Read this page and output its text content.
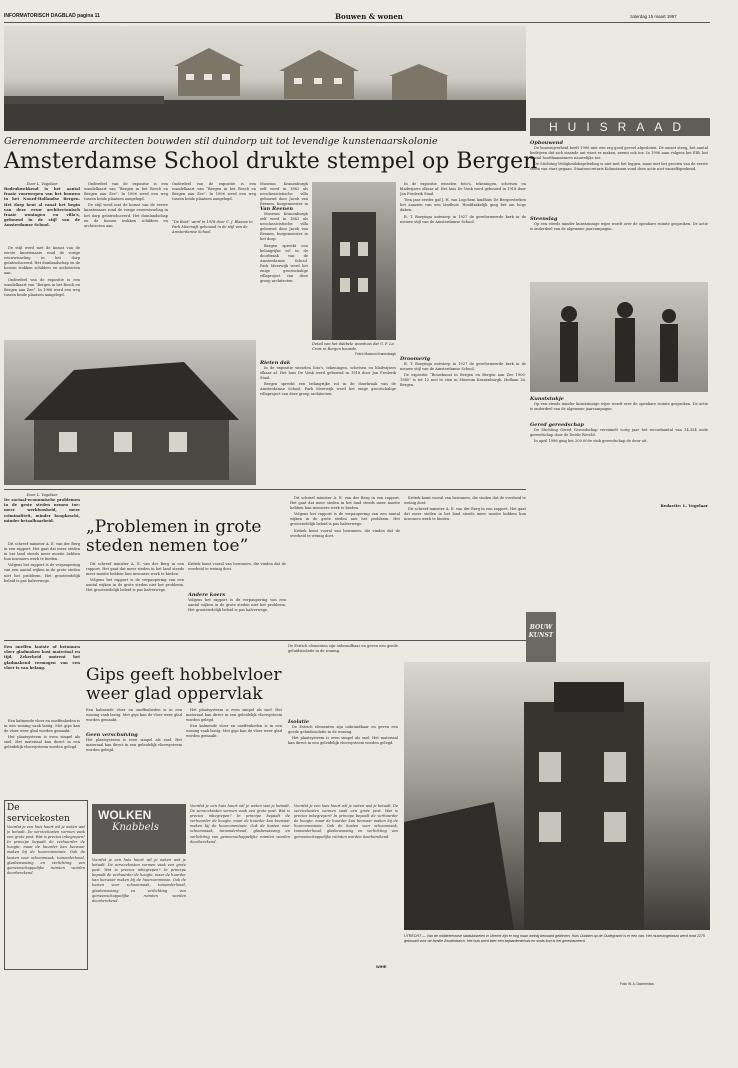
INFORMATORISCH DAGBLAD pagina 11	Bouwen & wonen	zaterdag 15 maart 1997
HUISRAAD
Opbouwend

De bouwnijverheid heeft 1996 niet een erg goed gevoel afgesloten. De omzet steeg, het aantal bedrijven dat zich staande ont wiert er maken, neemt ook toe. In 1996 nam volgens het EIB, het aantal hoofdaannemers nauwelijks toe.

De Stichting Veiligheidsbegeleiding is niet met het leggen, maar met het groeien van de eerste steen van start gegaan. Staatssecretaris Kohnstamm vond deze actie niet vanzelfsprekend.

Steenslag

Op een steeds minder kunstzinnige wijze wordt over de openbare ruimte gesproken. De actie is onderdeel van de algemene jaarcampagne.

Kunststukje

Op een steeds minder kunstzinnige wijze wordt over de openbare ruimte gesproken. De actie is onderdeel van de algemene jaarcampagne.

Gered gereedschap

De Stichting Gered Gereedschap verzamelt vorig jaar het recordaantal van 34.354 oude gereedschap door de Derde Wereld.

In april 1996 ging het 200.000e stuk gereedschap de deur uit.

Redactie: L. Vogelaar
Gerenommeerde architecten bouwden stil duindorp uit tot levendige kunstenaarskolonie
Amsterdamse School drukte stempel op Bergen
Door L. Vogelaar
Bodrukwekkend is het aantal fraaie voorwerpen van het bouwen in het Noord-Hollandse Bergen. Het dorp kent al vanaf het begin van deze eeuw architectonisch fraaie woningen en villa's, gebouwd in de stijl van de Amsterdamse School.

De stijl werd met de komst van de eerste kunstenaars rond de vorige eeuwwisseling in het dorp geïntroduceerd. Het duinlandschap en de bossen trokken schilders en architecten aan.

Onderdeel van de expositie is een wandelkaart van “Bergen in het Bosch en Bergen aan Zee”. In 1906 werd een weg tussen beide plaatsen aangelegd.

Onderdeel van de expositie is een wandelkaart van “Bergen in het Bosch en Bergen aan Zee”. In 1906 werd een weg tussen beide plaatsen aangelegd.

De stijl werd met de komst van de eerste kunstenaars rond de vorige eeuwwisseling in het dorp geïntroduceerd. Het duinlandschap en de bossen trokken schilders en architecten aan.

Onderdeel van de expositie is een wandelkaart van “Bergen in het Bosch en Bergen aan Zee”. In 1906 werd een weg tussen beide plaatsen aangelegd.
“De Boet” werd in 1918 door C. J. Blaauw in Park Meerwijk gebouwd in de stijl van de Amsterdamse School.
Museum Kranenburgh zelf werd in 1882 als neoclassicistische villa gebouwd door Jacob van Reenen, burgemeester in
Van Reenen

Museum Kranenburgh zelf werd in 1882 als neoclassicistische villa gebouwd door Jacob van Reenen, burgemeester in het dorp.

Bergen spreekt een belangrijke rol in de doorbraak van de Amsterdamse School. Park Meerwijk werd het enige grootschalige villaproject van deze groep architecten.

Detail van het dubbele woonhuis dat G. F. La Croix in Bergen bouwde.
Foto's Museum Kranenburgh

In de expositie wisselen foto's, tekeningen, schetsen en bladwijzers elkaar af. Het huis De Vonk werd gebouwd in 1918 door Jan Frederik Staal.

Tien jaar eerder gaf J. H. van Logchem landhuis De Bergerstreken het aanzien van een landhuis. Hoofdzakelijk ging het om hoge daken.

B. T. Boeyinga ontwierp in 1927 de gereformeerde kerk in de nieuwe stijl van de Amsterdamse School.

Rieten dak

In de expositie wisselen foto's, tekeningen, schetsen en bladwijzers elkaar af. Het huis De Vonk werd gebouwd in 1918 door Jan Frederik Staal.

Bergen spreekt een belangrijke rol in de doorbraak van de Amsterdamse School. Park Meerwijk werd het enige grootschalige villaproject van deze groep architecten.

Droomerig

B. T. Boeyinga ontwierp in 1927 de gereformeerde kerk in de nieuwe stijl van de Amsterdamse School.

De expositie “Bouwkunst in Bergen en Bergen aan Zee 1900-1940” is tot 12 mei te zien in Museum Kranenburgh, Hoflaan 26, Bergen.

Door L. Vogelaar
De sociaal-economische problemen in de grote steden nemen toe: meer werkloosheid, meer criminaliteit, minder koopkracht, minder betaalbaarheid.

Dit schreef minister A. E. van der Berg in een rapport. Het gaat dat meer steden in het land steeds meer moeite hebben hun inwoners werk te bieden.

Volgens het rapport is de verpaupering van een aantal wijken in de grote steden niet het probleem. Het grootstedelijk beleid is pas halverwege.

„Problemen in grote steden nemen toe”

Dit schreef minister A. E. van der Berg in een rapport. Het gaat dat meer steden in het land steeds meer moeite hebben hun inwoners werk te bieden.

Volgens het rapport is de verpaupering van een aantal wijken in de grote steden niet het probleem. Het grootstedelijk beleid is pas halverwege.

Kritiek komt vooral van bewoners, die vinden dat de overheid te weinig doet.
Andere koers
Volgens het rapport is de verpaupering van een aantal wijken in de grote steden niet het probleem. Het grootstedelijk beleid is pas halverwege.

Dit schreef minister A. E. van der Berg in een rapport. Het gaat dat meer steden in het land steeds meer moeite hebben hun inwoners werk te bieden.

Volgens het rapport is de verpaupering van een aantal wijken in de grote steden niet het probleem. Het grootstedelijk beleid is pas halverwege.

Kritiek komt vooral van bewoners, die vinden dat de overheid te weinig doet.

Kritiek komt vooral van bewoners, die vinden dat de overheid te weinig doet.

Dit schreef minister A. E. van der Berg in een rapport. Het gaat dat meer steden in het land steeds meer moeite hebben hun inwoners werk te bieden.

Een oneffen laatste of betonnen vloer gladmaken kost materiaal en tijd. Zekerheid omtrent het gladmakend vermogen van een vloer is van belang.

Een kalmende vloer en oneffenheden is in een woning vaak lastig. Met gips kan de vloer weer glad worden gemaakt.

Het plaatsysteem is even simpel als snel. Het materiaal kan direct in een geleidelijk vloersysteem worden gelegd.

Gips geeft hobbelvloer weer glad oppervlak
Een kalmende vloer en oneffenheden is in een woning vaak lastig. Met gips kan de vloer weer glad worden gemaakt.
Geen verschuiving
Het plaatsysteem is even simpel als snel. Het materiaal kan direct in een geleidelijk vloersysteem worden gelegd.

Het plaatsysteem is even simpel als snel. Het materiaal kan direct in een geleidelijk vloersysteem worden gelegd.

Een kalmende vloer en oneffenheden is in een woning vaak lastig. Met gips kan de vloer weer glad worden gemaakt.

De Estrich elementen zijn onbrandbaar en geven een goede geluidsisolatie in de woning.
Isolatie

De Estrich elementen zijn onbrandbaar en geven een goede geluidsisolatie in de woning.

Het plaatsysteem is even simpel als snel. Het materiaal kan direct in een geleidelijk vloersysteem worden gelegd.

BOUW KUNST
UTRECHT — Van de middeleeuwse stadskastelen in Utrecht zijn er nog maar weinig bewaard gebleven. Huis Oudaen op de Oudegracht is er een van. Het museumgebouw werd rond 1275 gebouwd voor de familie Zoudenbalch. Het huis werd later een bejaardentehuis en sinds kort is het gerestaureerd.
Foto: W. A. Doornenbos
De servicekosten
Voordat je een huis huurt wil je weten wat je betaalt. De servicekosten vormen vaak een grote post. Wat is precies inbegrepen? In principe bepaalt de verhuurder de hoogte, maar de huurder kan bezwaar maken bij de huurcommissie. Ook de kosten voor schoonmaak, tuinonderhoud, glasbewassing en verlichting van gemeenschappelijke ruimten worden doorberekend.
WOLKEN
Knabbels
Voordat je een huis huurt wil je weten wat je betaalt. De servicekosten vormen vaak een grote post. Wat is precies inbegrepen? In principe bepaalt de verhuurder de hoogte, maar de huurder kan bezwaar maken bij de huurcommissie. Ook de kosten voor schoonmaak, tuinonderhoud, glasbewassing en verlichting van gemeenschappelijke ruimten worden doorberekend.
Voordat je een huis huurt wil je weten wat je betaalt. De servicekosten vormen vaak een grote post. Wat is precies inbegrepen? In principe bepaalt de verhuurder de hoogte, maar de huurder kan bezwaar maken bij de huurcommissie. Ook de kosten voor schoonmaak, tuinonderhoud, glasbewassing en verlichting van gemeenschappelijke ruimten worden doorberekend.
Voordat je een huis huurt wil je weten wat je betaalt. De servicekosten vormen vaak een grote post. Wat is precies inbegrepen? In principe bepaalt de verhuurder de hoogte, maar de huurder kan bezwaar maken bij de huurcommissie. Ook de kosten voor schoonmaak, tuinonderhoud, glasbewassing en verlichting van gemeenschappelijke ruimten worden doorberekend.
WiHE
